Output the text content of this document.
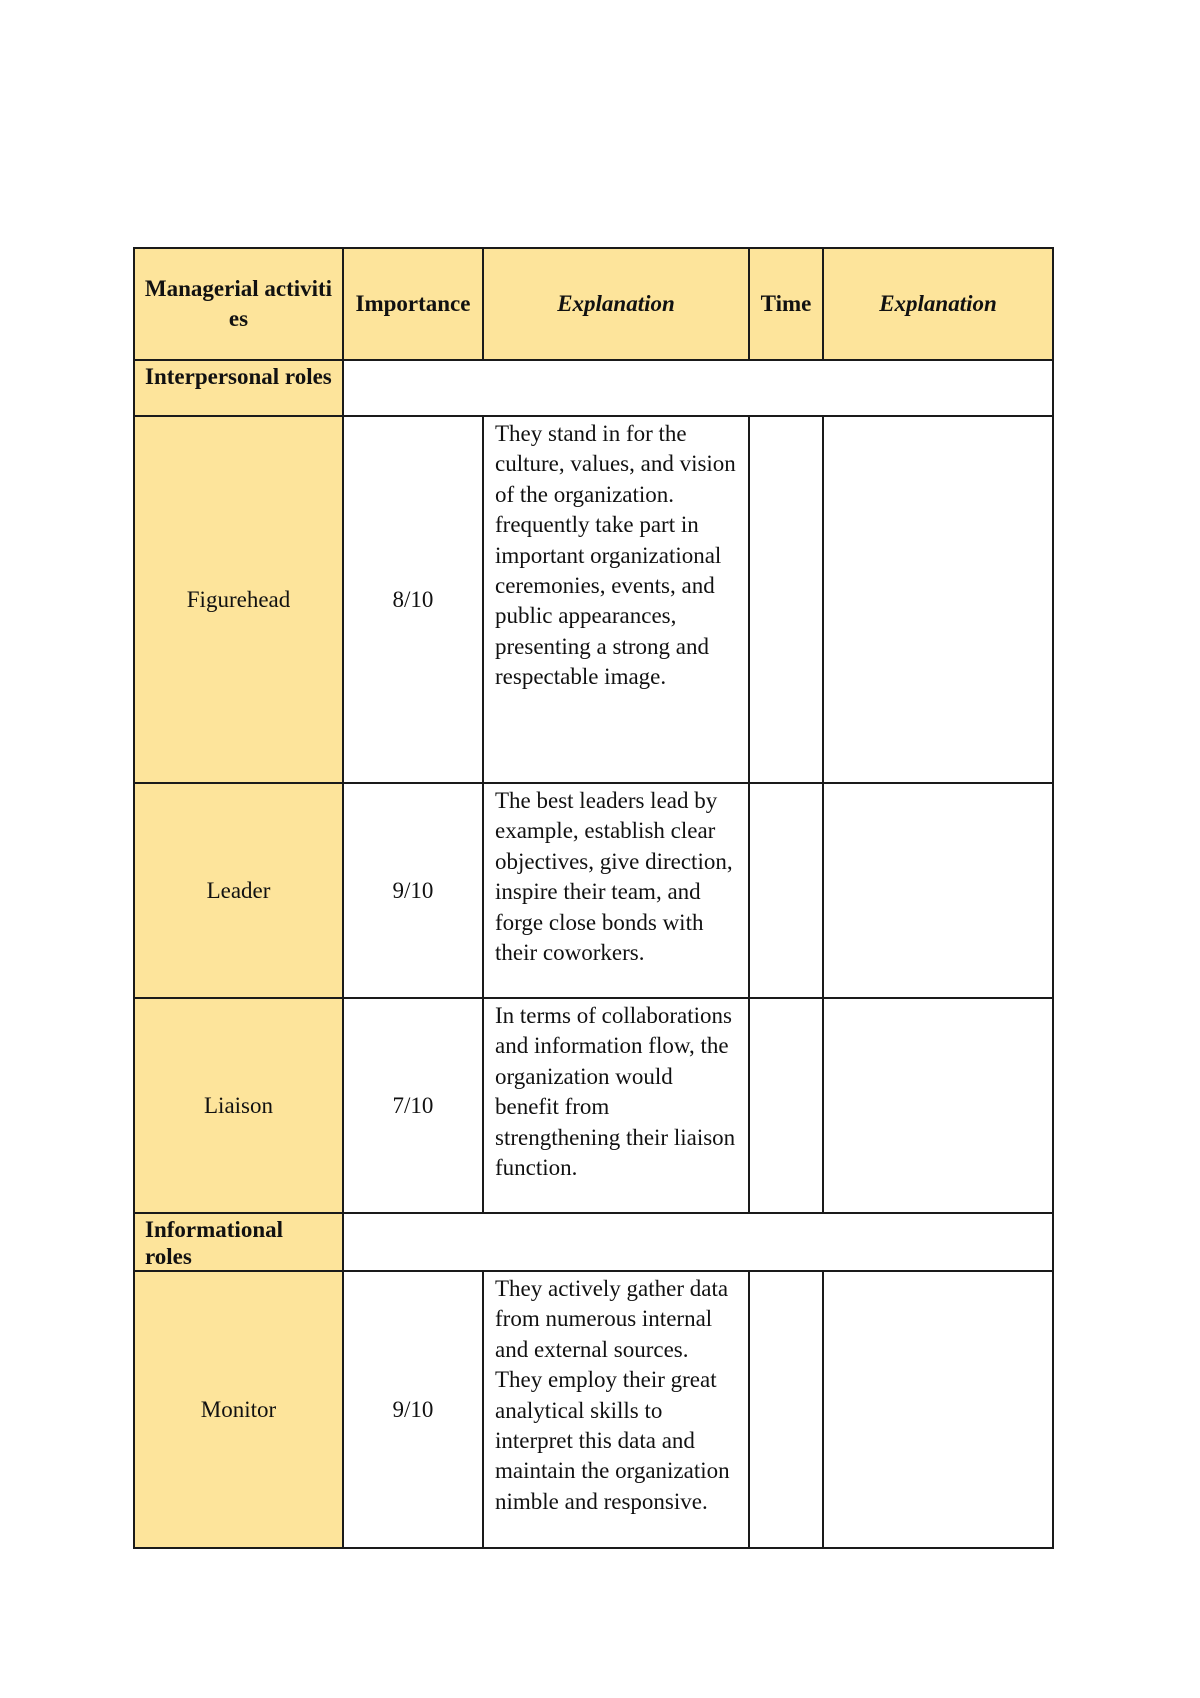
Managerial activities	Importance	Explanation	Time	Explanation

Interpersonal roles				

Figurehead	8/10	They stand in for the culture, values, and vision of the organization. frequently take part in important organizational ceremonies, events, and public appearances, presenting a strong and respectable image.		

Leader	9/10	The best leaders lead by example, establish clear objectives, give direction, inspire their team, and forge close bonds with their coworkers.		

Liaison	7/10	In terms of collaborations and information flow, the organization would benefit from strengthening their liaison function.		

Informational roles				

Monitor	9/10	They actively gather data from numerous internal and external sources. They employ their great analytical skills to interpret this data and maintain the organization nimble and responsive.		
